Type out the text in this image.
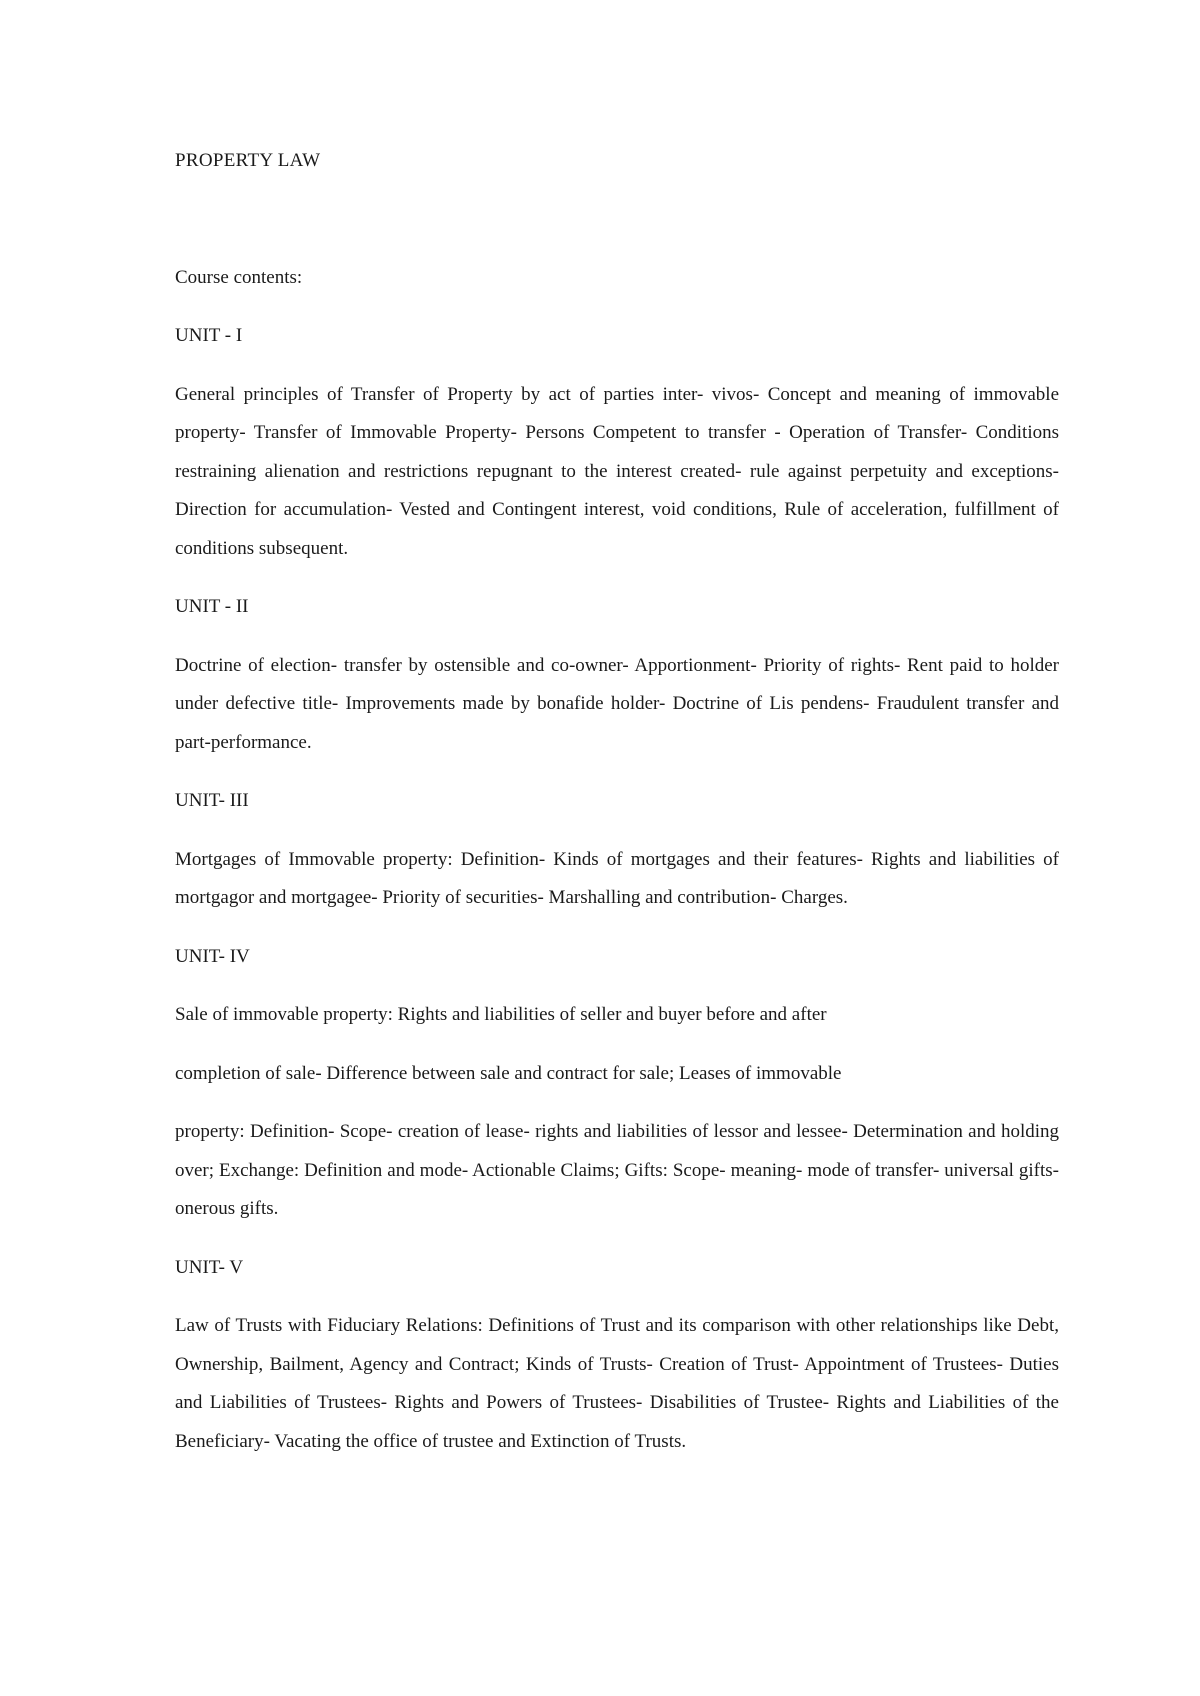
PROPERTY LAW

Course contents:

UNIT - I

General principles of Transfer of Property by act of parties inter- vivos- Concept and meaning of immovable property- Transfer of Immovable Property- Persons Competent to transfer - Operation of Transfer- Conditions restraining alienation and restrictions repugnant to the interest created- rule against perpetuity and exceptions- Direction for accumulation- Vested and Contingent interest, void conditions, Rule of acceleration, fulfillment of conditions subsequent.

UNIT - II

Doctrine of election- transfer by ostensible and co-owner- Apportionment- Priority of rights- Rent paid to holder under defective title- Improvements made by bonafide holder- Doctrine of Lis pendens- Fraudulent transfer and part-performance.

UNIT- III

Mortgages of Immovable property: Definition- Kinds of mortgages and their features- Rights and liabilities of mortgagor and mortgagee- Priority of securities- Marshalling and contribution- Charges.

UNIT- IV

Sale of immovable property: Rights and liabilities of seller and buyer before and after

completion of sale- Difference between sale and contract for sale; Leases of immovable

property: Definition- Scope- creation of lease- rights and liabilities of lessor and lessee- Determination and holding over; Exchange: Definition and mode- Actionable Claims; Gifts: Scope- meaning- mode of transfer- universal gifts- onerous gifts.

UNIT- V

Law of Trusts with Fiduciary Relations: Definitions of Trust and its comparison with other relationships like Debt, Ownership, Bailment, Agency and Contract; Kinds of Trusts- Creation of Trust- Appointment of Trustees- Duties and Liabilities of Trustees- Rights and Powers of Trustees- Disabilities of Trustee- Rights and Liabilities of the Beneficiary- Vacating the office of trustee and Extinction of Trusts.
